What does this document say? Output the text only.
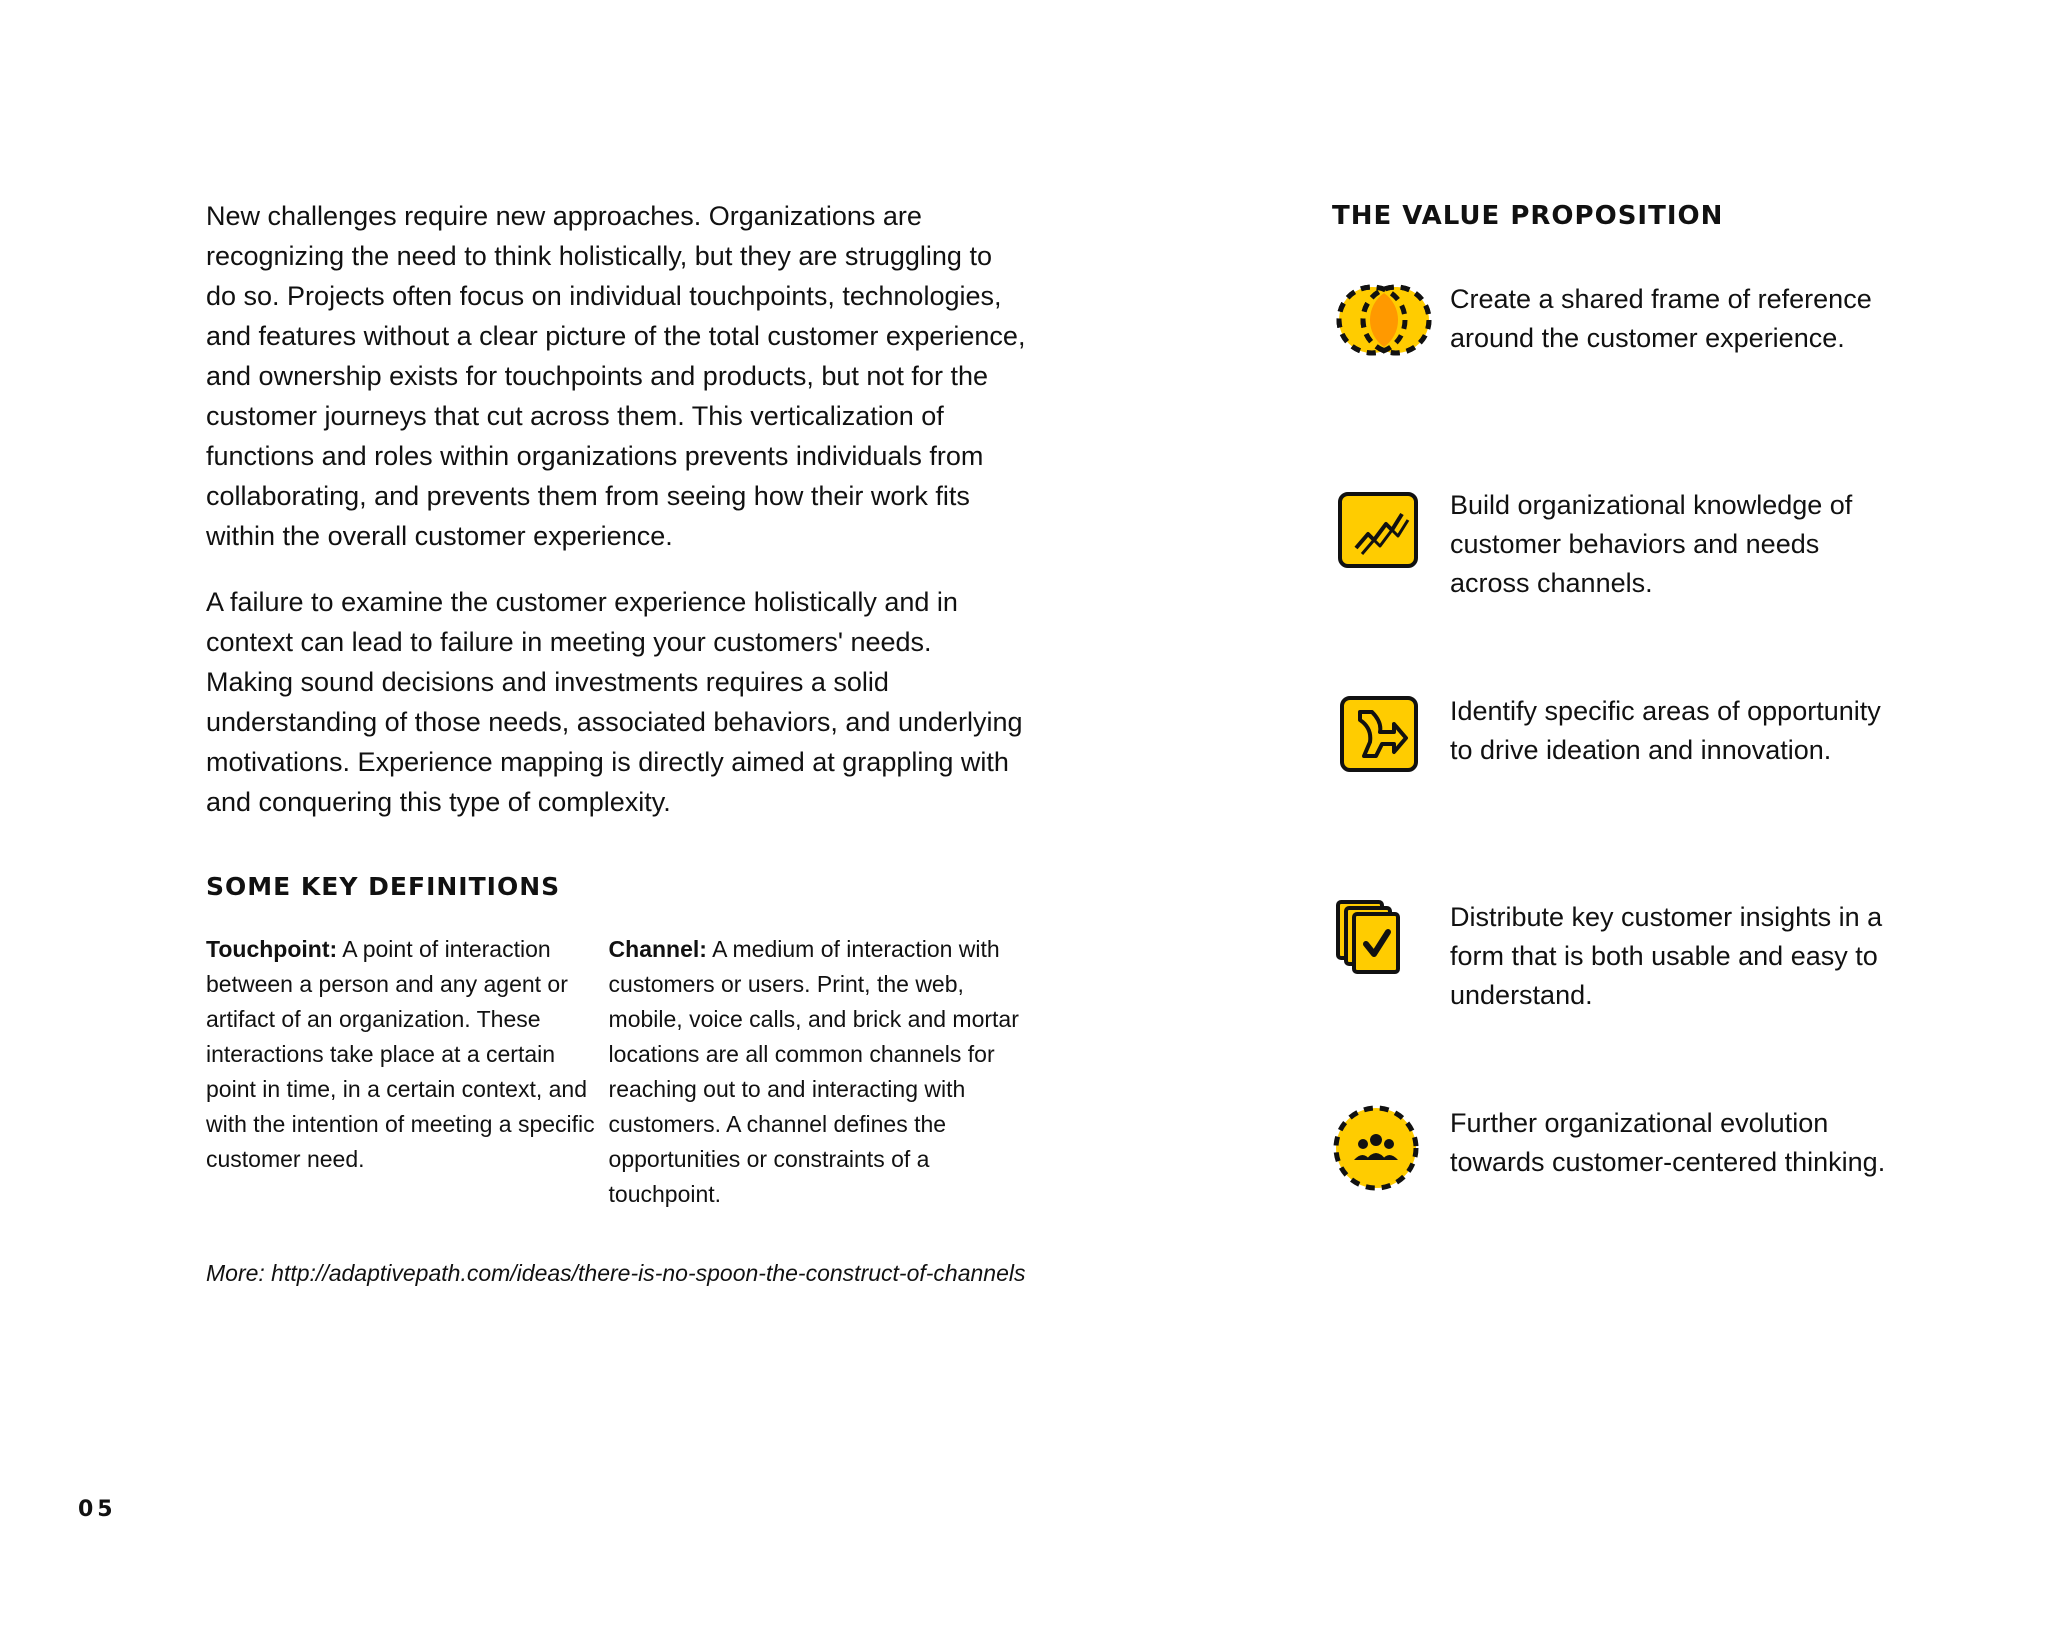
New challenges require new approaches. Organizations are recognizing the need to think holistically, but they are struggling to do so. Projects often focus on individual touchpoints, technologies, and features without a clear picture of the total customer experience, and ownership exists for touchpoints and products, but not for the customer journeys that cut across them. This verticalization of functions and roles within organizations prevents individuals from collaborating, and prevents them from seeing how their work fits within the overall customer experience.

A failure to examine the customer experience holistically and in context can lead to failure in meeting your customers' needs. Making sound decisions and investments requires a solid understanding of those needs, associated behaviors, and underlying motivations. Experience mapping is directly aimed at grappling with and conquering this type of complexity.

SOME KEY DEFINITIONS
Touchpoint: A point of interaction between a person and any agent or artifact of an organization. These interactions take place at a certain point in time, in a certain context, and with the intention of meeting a specific customer need.
Channel: A medium of interaction with customers or users. Print, the web, mobile, voice calls, and brick and mortar locations are all common channels for reaching out to and interacting with customers. A channel defines the opportunities or constraints of a touchpoint.
More: http://adaptivepath.com/ideas/there-is-no-spoon-the-construct-of-channels
THE VALUE PROPOSITION
Create a shared frame of reference around the customer experience.
Build organizational knowledge of customer behaviors and needs across channels.
Identify specific areas of opportunity to drive ideation and innovation.
Distribute key customer insights in a form that is both usable and easy to understand.
Further organizational evolution towards customer-centered thinking.
05
